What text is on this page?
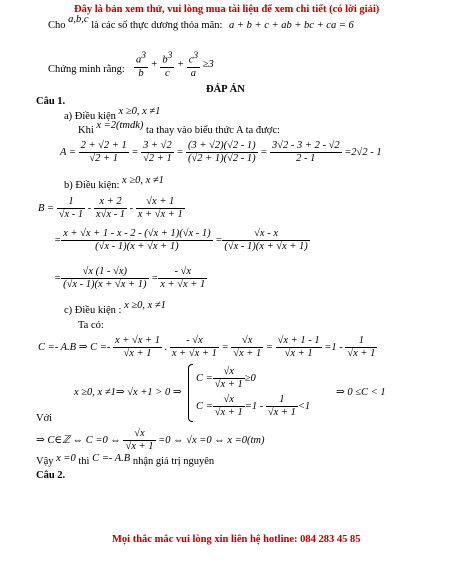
Đây là bản xem thử, vui lòng mua tài liệu để xem chi tiết (có lời giải)
Cho a,b,c là các số thực dương thỏa mãn: a + b + c + ab + bc + ca = 6
Chứng minh rằng: $\frac{a^3}{b} + \frac{b^3}{c} + \frac{c^3}{a} \ge 3$
ĐÁP ÁN
Câu 1.
a) Điều kiện x ≥0, x ≠1
Khi x =2(tmdk) ta thay vào biểu thức A ta được:
$A = \frac{2 + √2 + 1}{√2 + 1} = \frac{3 + √2}{√2 + 1} = \frac{(3 + √2)(√2 - 1)}{(√2 + 1)(√2 - 1)} = \frac{3√2 - 3 + 2 - √2}{2 - 1} =2√2 - 1$
b) Điều kiện: x ≥0, x ≠1
$B = \frac{1}{√x - 1} - \frac{x + 2}{x√x - 1} - \frac{√x + 1}{x + √x + 1}$
= $\frac{x + √x + 1 - x - 2 - (√x + 1)(√x - 1)}{(√x - 1)(x + √x + 1)} = \frac{√x - x}{(√x - 1)(x + √x + 1)}$
= $\frac{√x (1 - √x)}{(√x - 1)(x + √x + 1)} = \frac{- √x}{x + √x + 1}$
c) Điều kiện : x ≥0, x ≠1
Ta có:
C =- A.B ⇒ $C =- \frac{x + √x + 1}{√x + 1}$ . $\frac{- √x}{x + √x + 1} = \frac{√x}{√x + 1} = \frac{√x + 1 - 1}{√x + 1} =1 - \frac{1}{√x + 1}$
x ≥0, x ≠1⇒ √x +1 > 0 ⇒
$C = \frac{√x}{√x + 1} \ge 0$
$C = \frac{√x}{√x + 1} =1 - \frac{1}{√x + 1} <1$
⇒ 0 ≤C < 1
Với
⇒ C∈ℤ ⇔ C =0 ⇔ $\frac{√x}{√x + 1} =0$ ⇔ √x =0 ⇔ x =0(tm)
Vậy x =0 thì C =- A.B nhận giá trị nguyên
Câu 2.
Mọi thắc mắc vui lòng xin liên hệ hotline: 084 283 45 85
